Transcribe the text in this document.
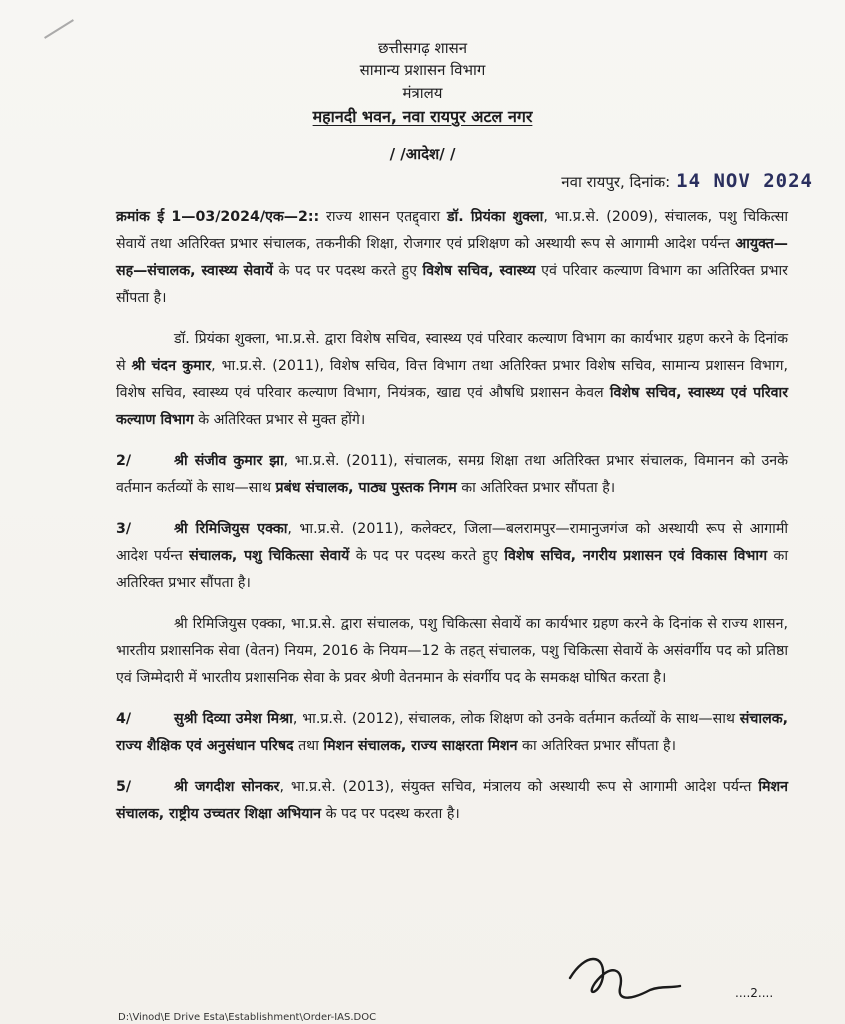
छत्तीसगढ़ शासन
सामान्य प्रशासन विभाग
मंत्रालय
महानदी भवन, नवा रायपुर अटल नगर
/ /आदेश/ /
नवा रायपुर, दिनांक: 14 NOV 2024

क्रमांक ई 1—03/2024/एक—2:: राज्य शासन एतद्द्वारा डॉ. प्रियंका शुक्ला, भा.प्र.से. (2009), संचालक, पशु चिकित्सा सेवायें तथा अतिरिक्त प्रभार संचालक, तकनीकी शिक्षा, रोजगार एवं प्रशिक्षण को अस्थायी रूप से आगामी आदेश पर्यन्त आयुक्त—सह—संचालक, स्वास्थ्य सेवायें के पद पर पदस्थ करते हुए विशेष सचिव, स्वास्थ्य एवं परिवार कल्याण विभाग का अतिरिक्त प्रभार सौंपता है।

डॉ. प्रियंका शुक्ला, भा.प्र.से. द्वारा विशेष सचिव, स्वास्थ्य एवं परिवार कल्याण विभाग का कार्यभार ग्रहण करने के दिनांक से श्री चंदन कुमार, भा.प्र.से. (2011), विशेष सचिव, वित्त विभाग तथा अतिरिक्त प्रभार विशेष सचिव, सामान्य प्रशासन विभाग, विशेष सचिव, स्वास्थ्य एवं परिवार कल्याण विभाग, नियंत्रक, खाद्य एवं औषधि प्रशासन केवल विशेष सचिव, स्वास्थ्य एवं परिवार कल्याण विभाग के अतिरिक्त प्रभार से मुक्त होंगे।

2/	श्री संजीव कुमार झा, भा.प्र.से. (2011), संचालक, समग्र शिक्षा तथा अतिरिक्त प्रभार संचालक, विमानन को उनके वर्तमान कर्तव्यों के साथ—साथ प्रबंध संचालक, पाठ्य पुस्तक निगम का अतिरिक्त प्रभार सौंपता है।

3/	श्री रिमिजियुस एक्का, भा.प्र.से. (2011), कलेक्टर, जिला—बलरामपुर—रामानुजगंज को अस्थायी रूप से आगामी आदेश पर्यन्त संचालक, पशु चिकित्सा सेवायें के पद पर पदस्थ करते हुए विशेष सचिव, नगरीय प्रशासन एवं विकास विभाग का अतिरिक्त प्रभार सौंपता है।

श्री रिमिजियुस एक्का, भा.प्र.से. द्वारा संचालक, पशु चिकित्सा सेवायें का कार्यभार ग्रहण करने के दिनांक से राज्य शासन, भारतीय प्रशासनिक सेवा (वेतन) नियम, 2016 के नियम—12 के तहत् संचालक, पशु चिकित्सा सेवायें के असंवर्गीय पद को प्रतिष्ठा एवं जिम्मेदारी में भारतीय प्रशासनिक सेवा के प्रवर श्रेणी वेतनमान के संवर्गीय पद के समकक्ष घोषित करता है।

4/	सुश्री दिव्या उमेश मिश्रा, भा.प्र.से. (2012), संचालक, लोक शिक्षण को उनके वर्तमान कर्तव्यों के साथ—साथ संचालक, राज्य शैक्षिक एवं अनुसंधान परिषद तथा मिशन संचालक, राज्य साक्षरता मिशन का अतिरिक्त प्रभार सौंपता है।

5/	श्री जगदीश सोनकर, भा.प्र.से. (2013), संयुक्त सचिव, मंत्रालय को अस्थायी रूप से आगामी आदेश पर्यन्त मिशन संचालक, राष्ट्रीय उच्चतर शिक्षा अभियान के पद पर पदस्थ करता है।

....2....
D:\Vinod\E Drive Esta\Establishment\Order-IAS.DOC
